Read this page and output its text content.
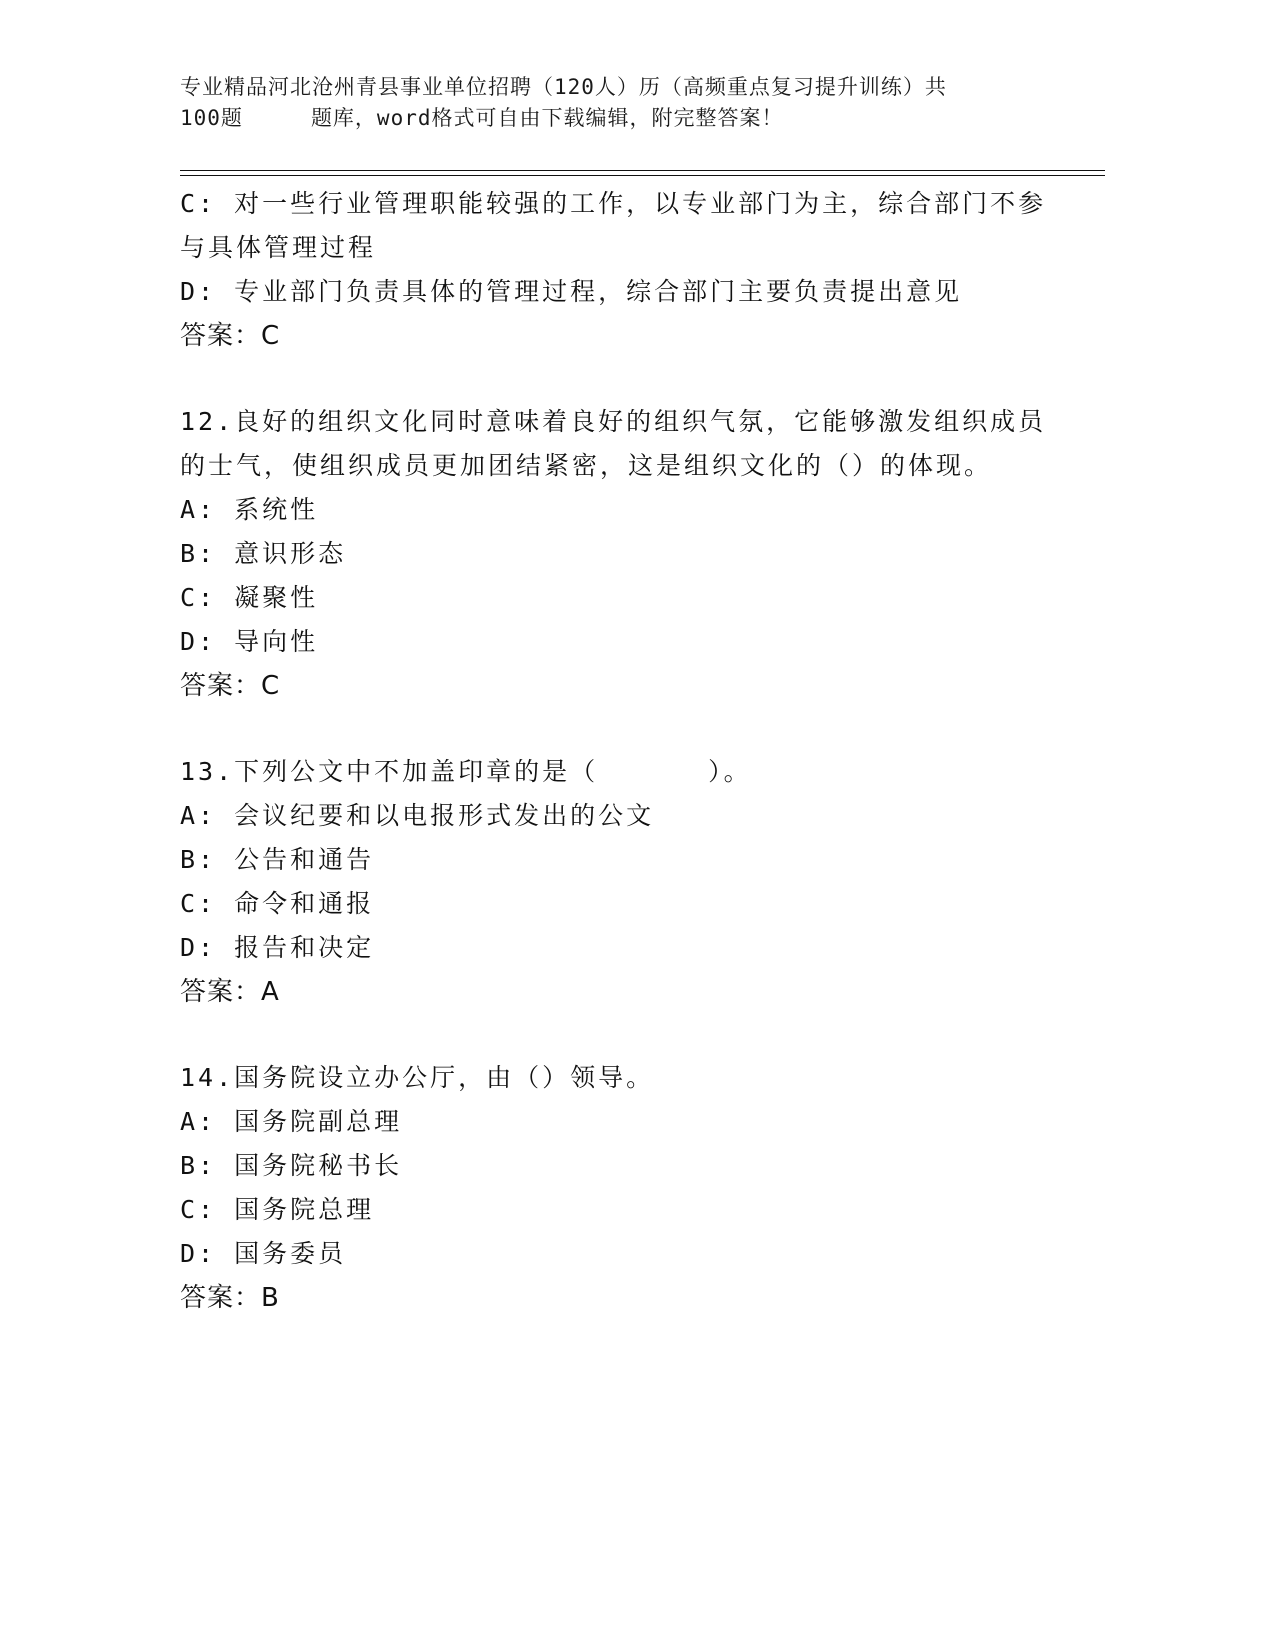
专业精品河北沧州青县事业单位招聘（120人）历（高频重点复习提升训练）共
100题	题库，word格式可自由下载编辑，附完整答案！
C: 对一些行业管理职能较强的工作，以专业部门为主，综合部门不参
与具体管理过程
D: 专业部门负责具体的管理过程，综合部门主要负责提出意见
答案：C
12.良好的组织文化同时意味着良好的组织气氛，它能够激发组织成员
的士气，使组织成员更加团结紧密，这是组织文化的（）的体现。
A: 系统性
B: 意识形态
C: 凝聚性
D: 导向性
答案：C
13.下列公文中不加盖印章的是（	）。
A: 会议纪要和以电报形式发出的公文
B: 公告和通告
C: 命令和通报
D: 报告和决定
答案：A
14.国务院设立办公厅，由（）领导。
A: 国务院副总理
B: 国务院秘书长
C: 国务院总理
D: 国务委员
答案：B
